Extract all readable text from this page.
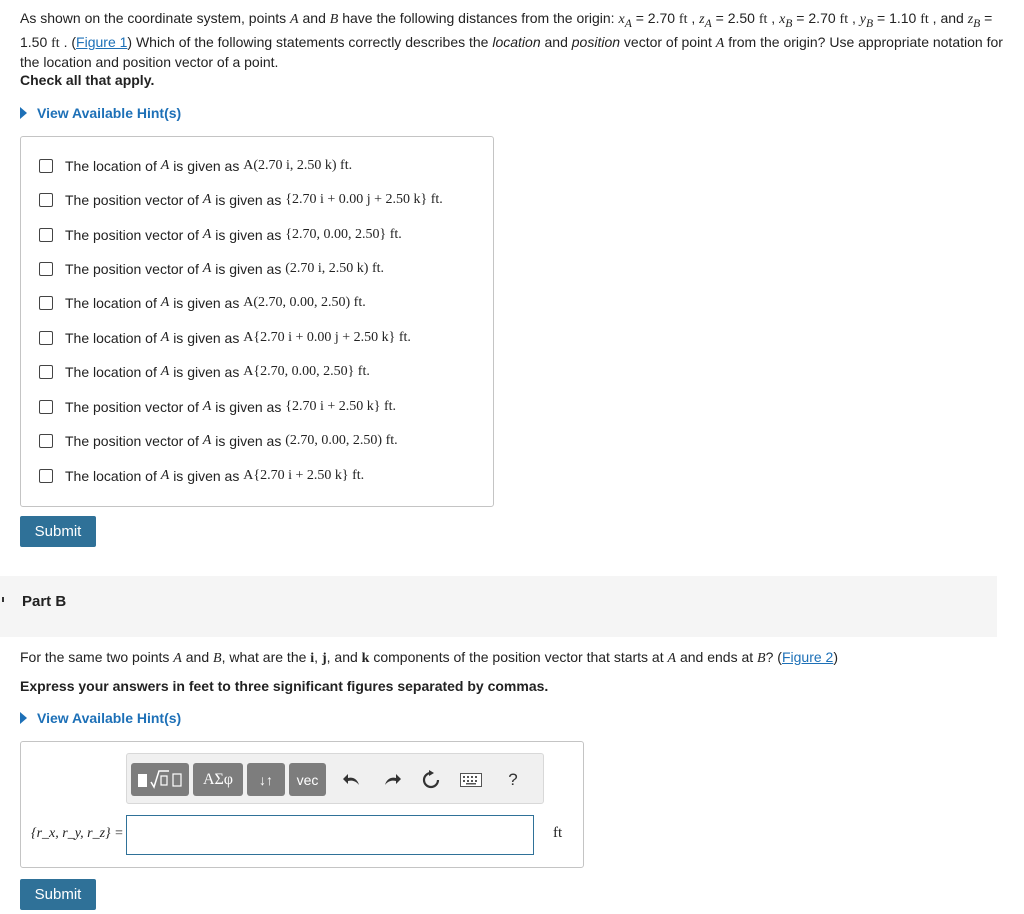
As shown on the coordinate system, points A and B have the following distances from the origin: $x_A = 2.70$ ft , $z_A = 2.50$ ft , $x_B = 2.70$ ft , $y_B = 1.10$ ft , and $z_B = 1.50$ ft . (Figure 1) Which of the following statements correctly describes the location and position vector of point A from the origin? Use appropriate notation for the location and position vector of a point.
Check all that apply.
View Available Hint(s)
The location of
A
is given as
A(2.70 i, 2.50 k) ft.
The position vector of
A
is given as
{2.70 i + 0.00 j + 2.50 k} ft.
The position vector of
A
is given as
{2.70, 0.00, 2.50} ft.
The position vector of
A
is given as
(2.70 i, 2.50 k) ft.
The location of
A
is given as
A(2.70, 0.00, 2.50) ft.
The location of
A
is given as
A{2.70 i + 0.00 j + 2.50 k} ft.
The location of
A
is given as
A{2.70, 0.00, 2.50} ft.
The position vector of
A
is given as
{2.70 i + 2.50 k} ft.
The position vector of
A
is given as
(2.70, 0.00, 2.50) ft.
The location of
A
is given as
A{2.70 i + 2.50 k} ft.
Submit
Part B
For the same two points A and B, what are the i, j, and k components of the position vector that starts at A and ends at B? (Figure 2)
Express your answers in feet to three significant figures separated by commas.
View Available Hint(s)
ΑΣφ	↓↑	vec	?
{r_x, r_y, r_z} =	ft
Submit
